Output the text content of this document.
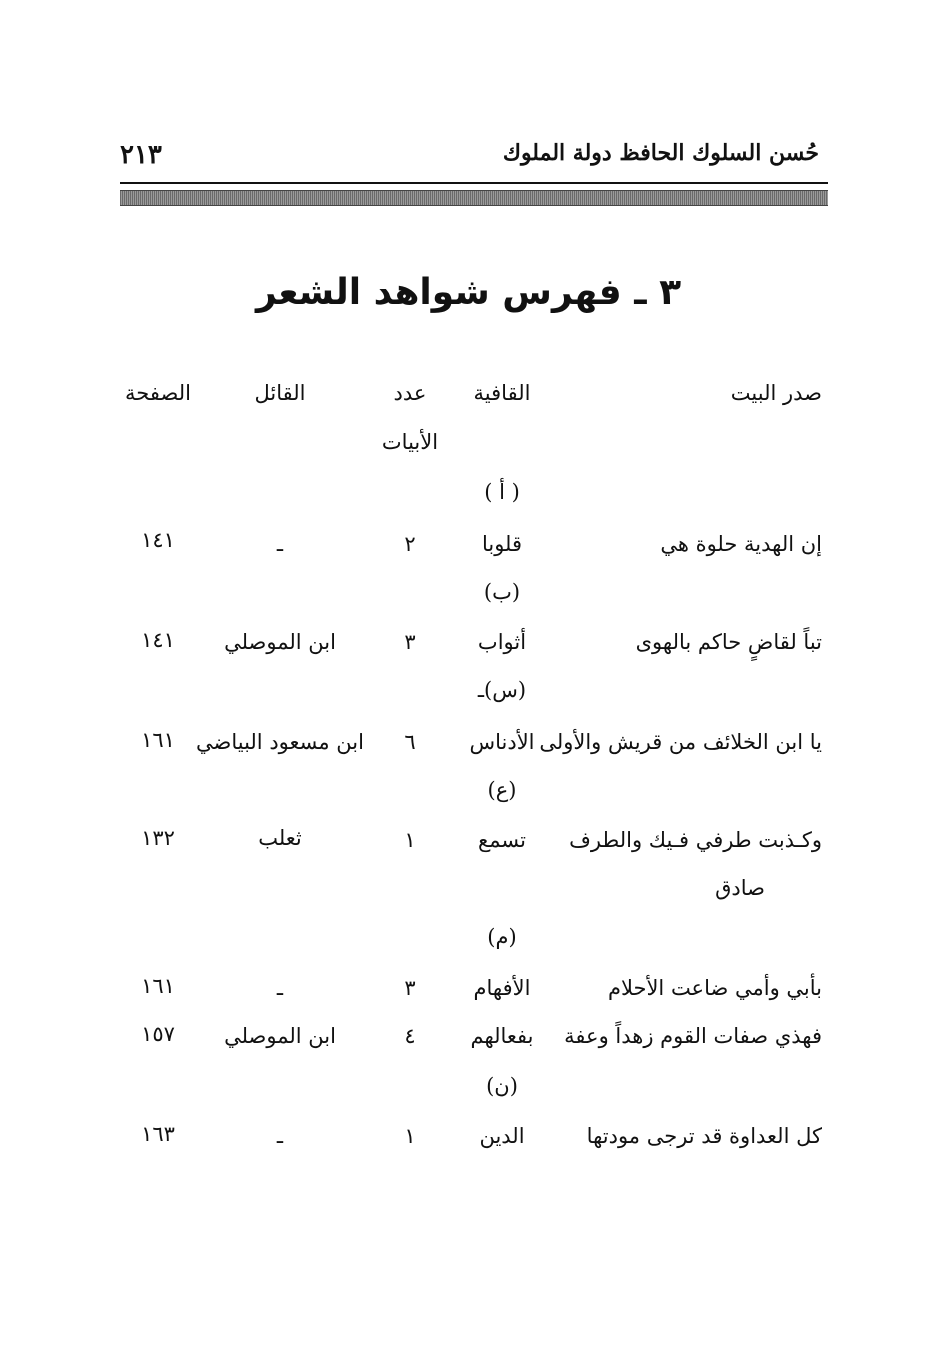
حُسن السلوك الحافظ دولة الملوك
٢١٣
٣ ـ فهرس شواهد الشعر
صدر البيت
القافية
عدد
الأبيات
القائل
الصفحة
( أ )
إن الهدية حلوة هي
قلوبا
٢
ـ
١٤١
(ب)
تباً لقاضٍ حاكم بالهوى
أثواب
٣
ابن الموصلي
١٤١
(س)ـ
يا ابن الخلائف من قريش والأولى
الأدناس
٦
ابن مسعود البياضي
١٦١
(ع)
وكـذبت طرفي فـيك والطرف
صادق
تسمع
١
ثعلب
١٣٢
(م)
بأبي وأمي ضاعت الأحلام
الأفهام
٣
ـ
١٦١
فهذي صفات القوم زهداً وعفة
بفعالهم
٤
ابن الموصلي
١٥٧
(ن)
كل العداوة قد ترجى مودتها
الدين
١
ـ
١٦٣
